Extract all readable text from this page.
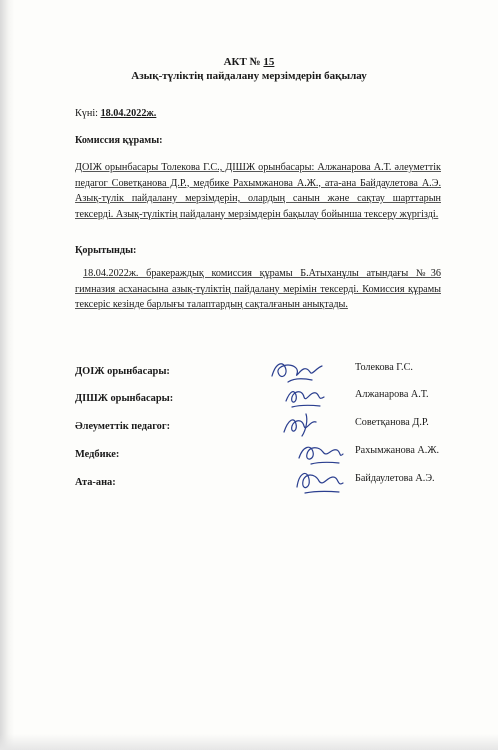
АКТ № 15
Азық-түліктің пайдалану мерзімдерін бақылау
Күні: 18.04.2022ж.
Комиссия құрамы:
ДОІЖ орынбасары Толекова Г.С., ДІШЖ орынбасары: Алжанарова А.Т. әлеуметтік педагог Советқанова Д.Р., медбике Рахымжанова А.Ж., ата-ана Байдаулетова А.Э. Азық-түлік пайдалану мерзімдерін, олардың санын және сақтау шарттарын тексерді. Азық-түліктің пайдалану мерзімдерін бақылау бойынша тексеру жүргізді.
Қорытынды:
18.04.2022ж. бракераждық комиссия құрамы Б.Атыханұлы атындағы №36 гимназия асханасына азық-түліктің пайдалану мерімін тексерді. Комиссия құрамы тексеріс кезінде барлығы талаптардың сақталғанын анықтады.
ДОІЖ орынбасары:	Толекова Г.С.
ДІШЖ орынбасары:	Алжанарова А.Т.
Әлеуметтік педагог:	Советқанова Д.Р.
Медбике:	Рахымжанова А.Ж.
Ата-ана:	Байдаулетова А.Э.
